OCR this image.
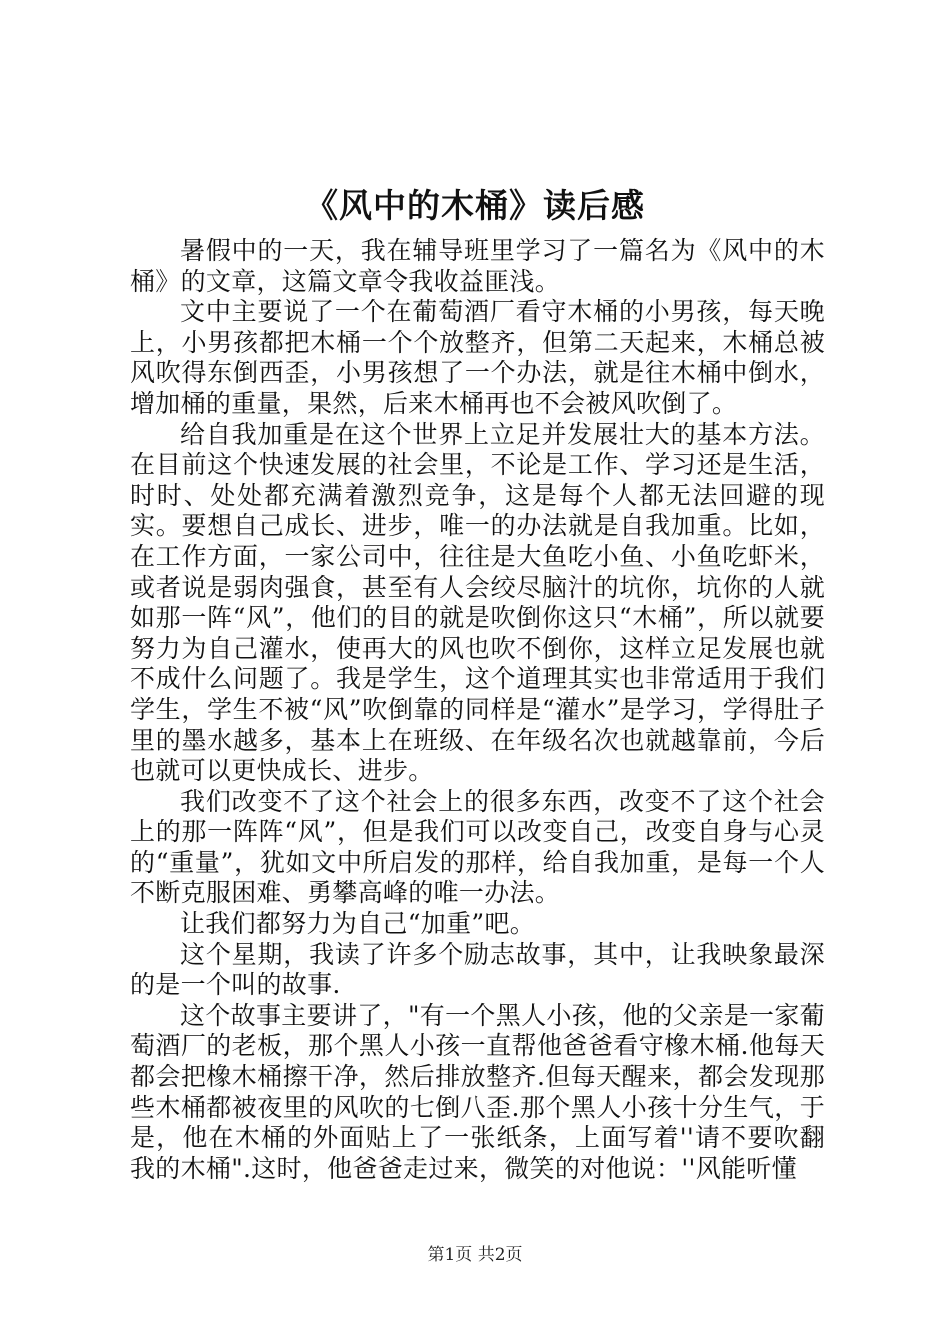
《风中的木桶》读后感

暑假中的一天，我在辅导班里学习了一篇名为《风中的木桶》的文章，这篇文章令我收益匪浅。

文中主要说了一个在葡萄酒厂看守木桶的小男孩，每天晚上，小男孩都把木桶一个个放整齐，但第二天起来，木桶总被风吹得东倒西歪，小男孩想了一个办法，就是往木桶中倒水，增加桶的重量，果然，后来木桶再也不会被风吹倒了。

给自我加重是在这个世界上立足并发展壮大的基本方法。在目前这个快速发展的社会里，不论是工作、学习还是生活，时时、处处都充满着激烈竞争，这是每个人都无法回避的现实。要想自己成长、进步，唯一的办法就是自我加重。比如，在工作方面，一家公司中，往往是大鱼吃小鱼、小鱼吃虾米，或者说是弱肉强食，甚至有人会绞尽脑汁的坑你，坑你的人就如那一阵“风”，他们的目的就是吹倒你这只“木桶”，所以就要努力为自己灌水，使再大的风也吹不倒你，这样立足发展也就不成什么问题了。我是学生，这个道理其实也非常适用于我们学生，学生不被“风”吹倒靠的同样是“灌水”是学习，学得肚子里的墨水越多，基本上在班级、在年级名次也就越靠前，今后也就可以更快成长、进步。

我们改变不了这个社会上的很多东西，改变不了这个社会上的那一阵阵“风”，但是我们可以改变自己，改变自身与心灵的“重量”，犹如文中所启发的那样，给自我加重，是每一个人不断克服困难、勇攀高峰的唯一办法。

让我们都努力为自己“加重”吧。

这个星期，我读了许多个励志故事，其中，让我映象最深的是一个叫的故事.

这个故事主要讲了，"有一个黑人小孩，他的父亲是一家葡萄酒厂的老板，那个黑人小孩一直帮他爸爸看守橡木桶.他每天都会把橡木桶擦干净，然后排放整齐.但每天醒来，都会发现那些木桶都被夜里的风吹的七倒八歪.那个黑人小孩十分生气，于是，他在木桶的外面贴上了一张纸条，上面写着''请不要吹翻我的木桶".这时，他爸爸走过来，微笑的对他说：''风能听懂

第1页 共2页
